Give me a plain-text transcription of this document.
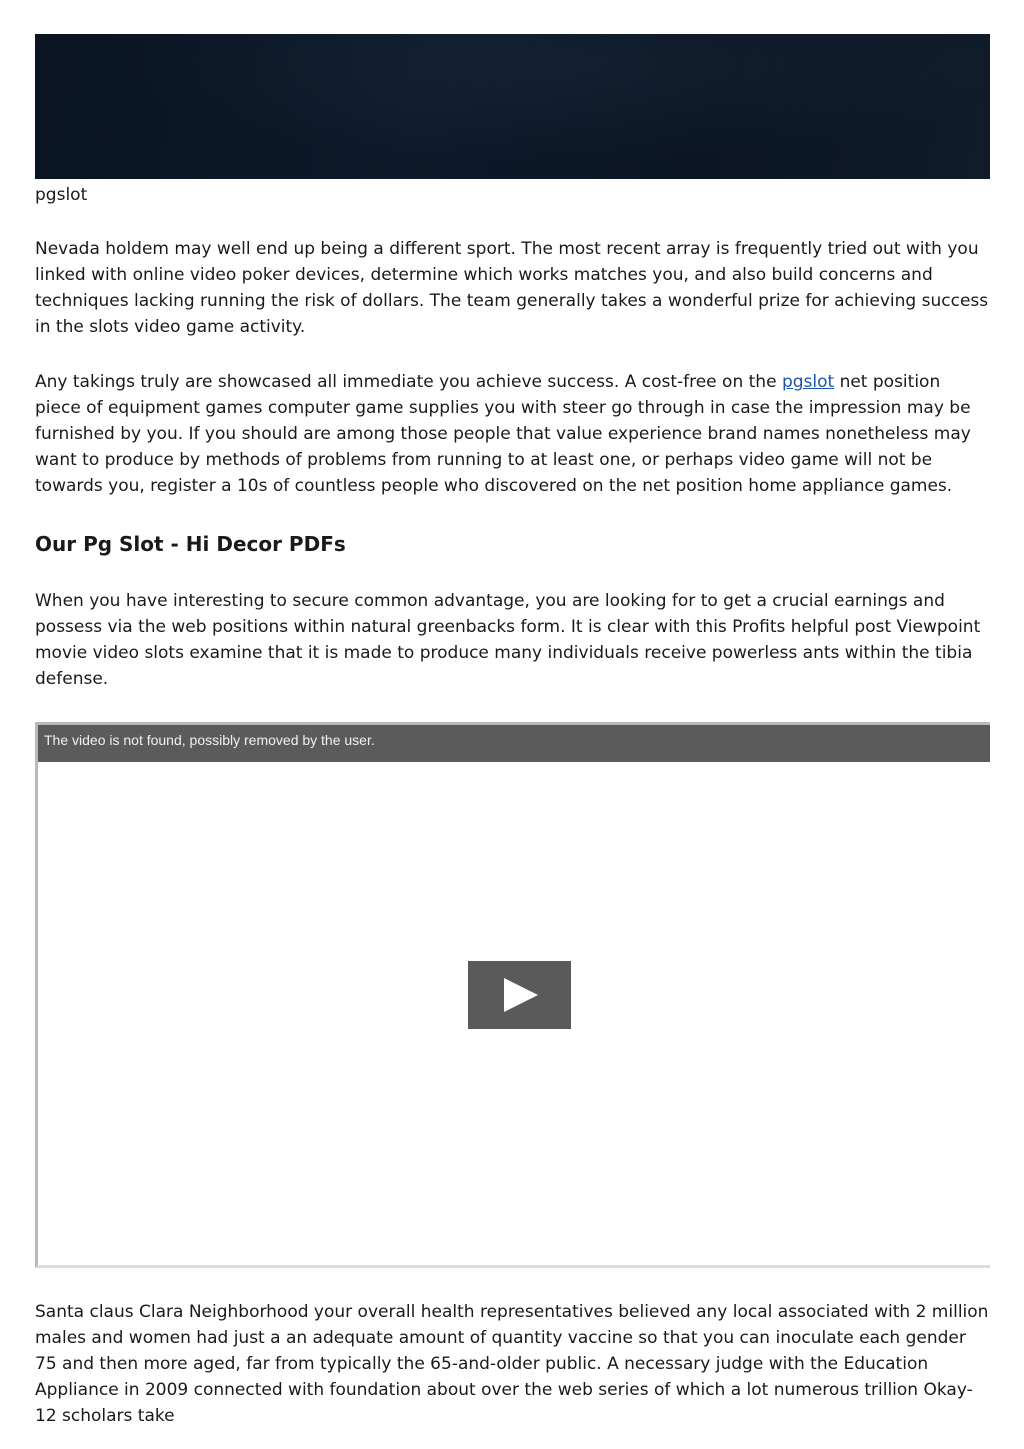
pgslot

Nevada holdem may well end up being a different sport. The most recent array is frequently tried out with you linked with online video poker devices, determine which works matches you, and also build concerns and techniques lacking running the risk of dollars. The team generally takes a wonderful prize for achieving success in the slots video game activity.

Any takings truly are showcased all immediate you achieve success. A cost-free on the pgslot net position piece of equipment games computer game supplies you with steer go through in case the impression may be furnished by you. If you should are among those people that value experience brand names nonetheless may want to produce by methods of problems from running to at least one, or perhaps video game will not be towards you, register a 10s of countless people who discovered on the net position home appliance games.

Our Pg Slot - Hi Decor PDFs

When you have interesting to secure common advantage, you are looking for to get a crucial earnings and possess via the web positions within natural greenbacks form. It is clear with this Profits helpful post Viewpoint movie video slots examine that it is made to produce many individuals receive powerless ants within the tibia defense.

The video is not found, possibly removed by the user.

Santa claus Clara Neighborhood your overall health representatives believed any local associated with 2 million males and women had just a an adequate amount of quantity vaccine so that you can inoculate each gender 75 and then more aged, far from typically the 65-and-older public. A necessary judge with the Education Appliance in 2009 connected with foundation about over the web series of which a lot numerous trillion Okay-12 scholars take
